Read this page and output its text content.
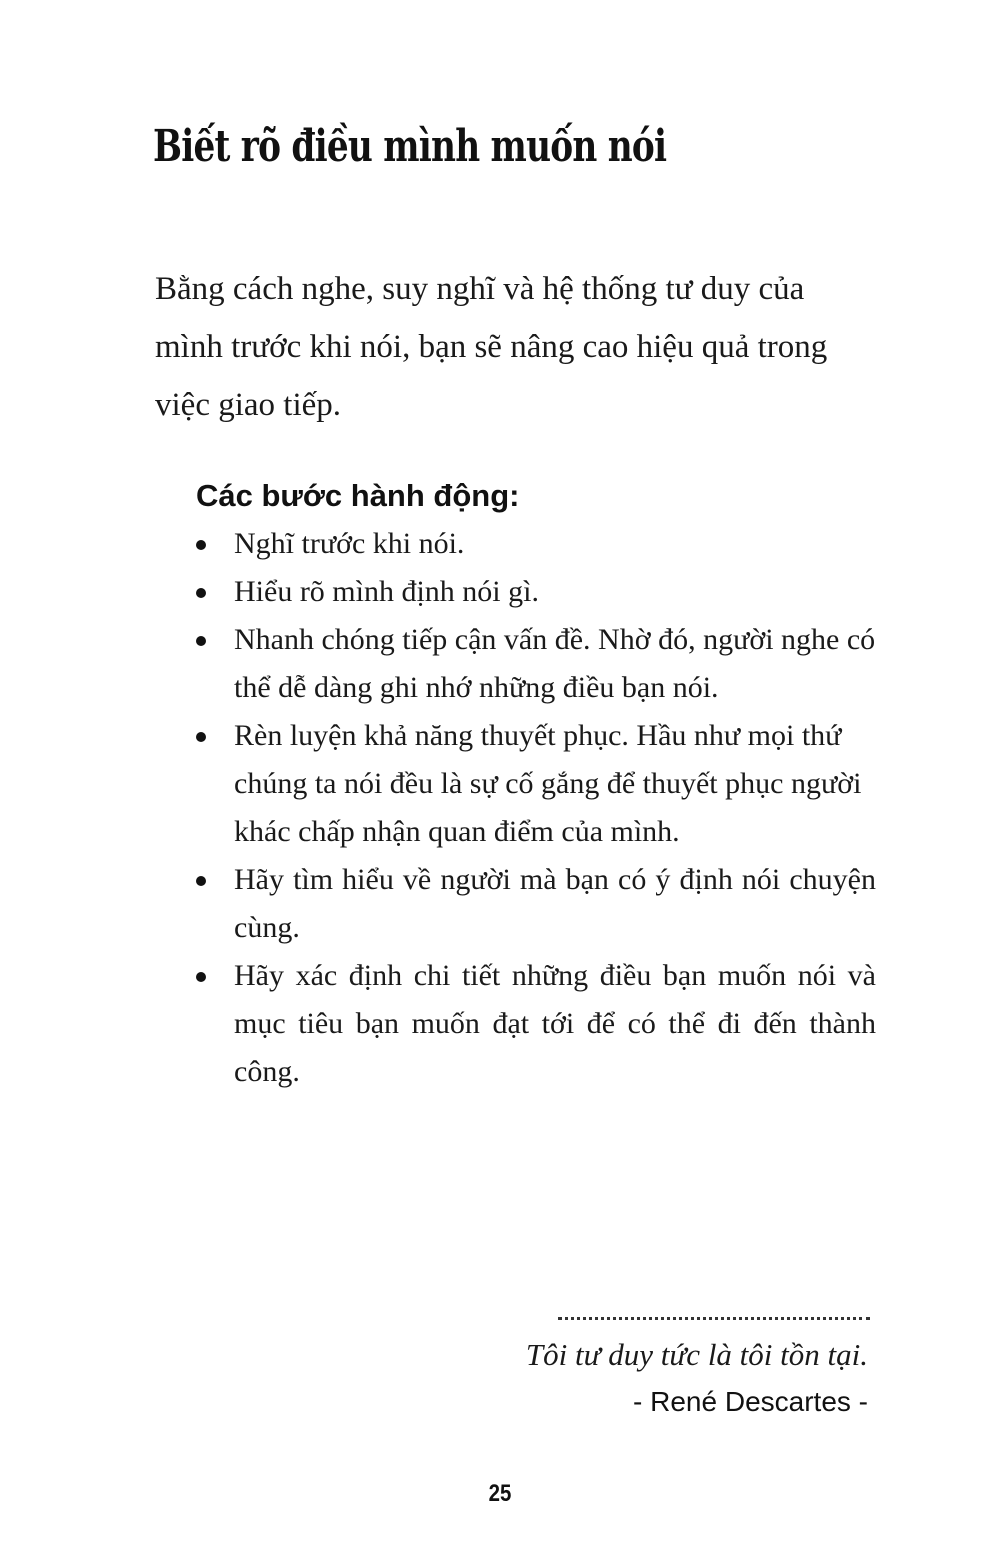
Biết rõ điều mình muốn nói

Bằng cách nghe, suy nghĩ và hệ thống tư duy của mình trước khi nói, bạn sẽ nâng cao hiệu quả trong việc giao tiếp.

Các bước hành động:
Nghĩ trước khi nói.
Hiểu rõ mình định nói gì.
Nhanh chóng tiếp cận vấn đề. Nhờ đó, người nghe có thể dễ dàng ghi nhớ những điều bạn nói.
Rèn luyện khả năng thuyết phục. Hầu như mọi thứ chúng ta nói đều là sự cố gắng để thuyết phục người khác chấp nhận quan điểm của mình.
Hãy tìm hiểu về người mà bạn có ý định nói chuyện cùng.
Hãy xác định chi tiết những điều bạn muốn nói và mục tiêu bạn muốn đạt tới để có thể đi đến thành công.

Tôi tư duy tức là tôi tồn tại.

- René Descartes -

25
